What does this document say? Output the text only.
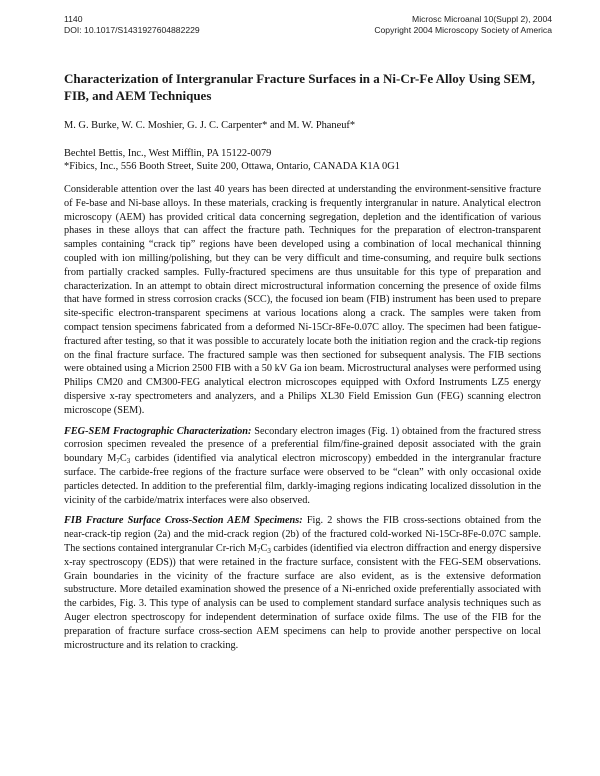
1140
DOI: 10.1017/S1431927604882229
Microsc Microanal 10(Suppl 2), 2004
Copyright 2004 Microscopy Society of America
Characterization of Intergranular Fracture Surfaces in a Ni-Cr-Fe Alloy Using SEM, FIB, and AEM Techniques
M. G. Burke, W. C. Moshier, G. J. C. Carpenter* and M. W. Phaneuf*
Bechtel Bettis, Inc., West Mifflin, PA 15122-0079
*Fibics, Inc., 556 Booth Street, Suite 200, Ottawa, Ontario, CANADA K1A 0G1

Considerable attention over the last 40 years has been directed at understanding the environment-sensitive fracture of Fe-base and Ni-base alloys. In these materials, cracking is frequently intergranular in nature. Analytical electron microscopy (AEM) has provided critical data concerning segregation, depletion and the identification of various phases in these alloys that can affect the fracture path. Techniques for the preparation of electron-transparent samples containing “crack tip” regions have been developed using a combination of local mechanical thinning coupled with ion milling/polishing, but they can be very difficult and time-consuming, and require bulk sections from partially cracked samples. Fully-fractured specimens are thus unsuitable for this type of preparation and characterization. In an attempt to obtain direct microstructural information concerning the presence of oxide films that have formed in stress corrosion cracks (SCC), the focused ion beam (FIB) instrument has been used to prepare site-specific electron-transparent specimens at various locations along a crack. The samples were taken from compact tension specimens fabricated from a deformed Ni-15Cr-8Fe-0.07C alloy. The specimen had been fatigue-fractured after testing, so that it was possible to accurately locate both the initiation region and the crack-tip regions on the final fracture surface. The fractured sample was then sectioned for subsequent analysis. The FIB sections were obtained using a Micrion 2500 FIB with a 50 kV Ga ion beam. Microstructural analyses were performed using Philips CM20 and CM300-FEG analytical electron microscopes equipped with Oxford Instruments LZ5 energy dispersive x-ray spectrometers and analyzers, and a Philips XL30 Field Emission Gun (FEG) scanning electron microscope (SEM).

FEG-SEM Fractographic Characterization: Secondary electron images (Fig. 1) obtained from the fractured stress corrosion specimen revealed the presence of a preferential film/fine-grained deposit associated with the grain boundary $M_7C_3$ carbides (identified via analytical electron microscopy) embedded in the intergranular fracture surface. The carbide-free regions of the fracture surface were observed to be “clean” with only occasional oxide particles detected. In addition to the preferential film, darkly-imaging regions indicating localized dissolution in the vicinity of the carbide/matrix interfaces were also observed.

FIB Fracture Surface Cross-Section AEM Specimens: Fig. 2 shows the FIB cross-sections obtained from the near-crack-tip region (2a) and the mid-crack region (2b) of the fractured cold-worked Ni-15Cr-8Fe-0.07C sample. The sections contained intergranular Cr-rich $M_7C_3$ carbides (identified via electron diffraction and energy dispersive x-ray spectroscopy (EDS)) that were retained in the fracture surface, consistent with the FEG-SEM observations. Grain boundaries in the vicinity of the fracture surface are also evident, as is the extensive deformation substructure. More detailed examination showed the presence of a Ni-enriched oxide preferentially associated with the carbides, Fig. 3. This type of analysis can be used to complement standard surface analysis techniques such as Auger electron spectroscopy for independent determination of surface oxide films. The use of the FIB for the preparation of fracture surface cross-section AEM specimens can help to provide another perspective on local microstructure and its relation to cracking.
